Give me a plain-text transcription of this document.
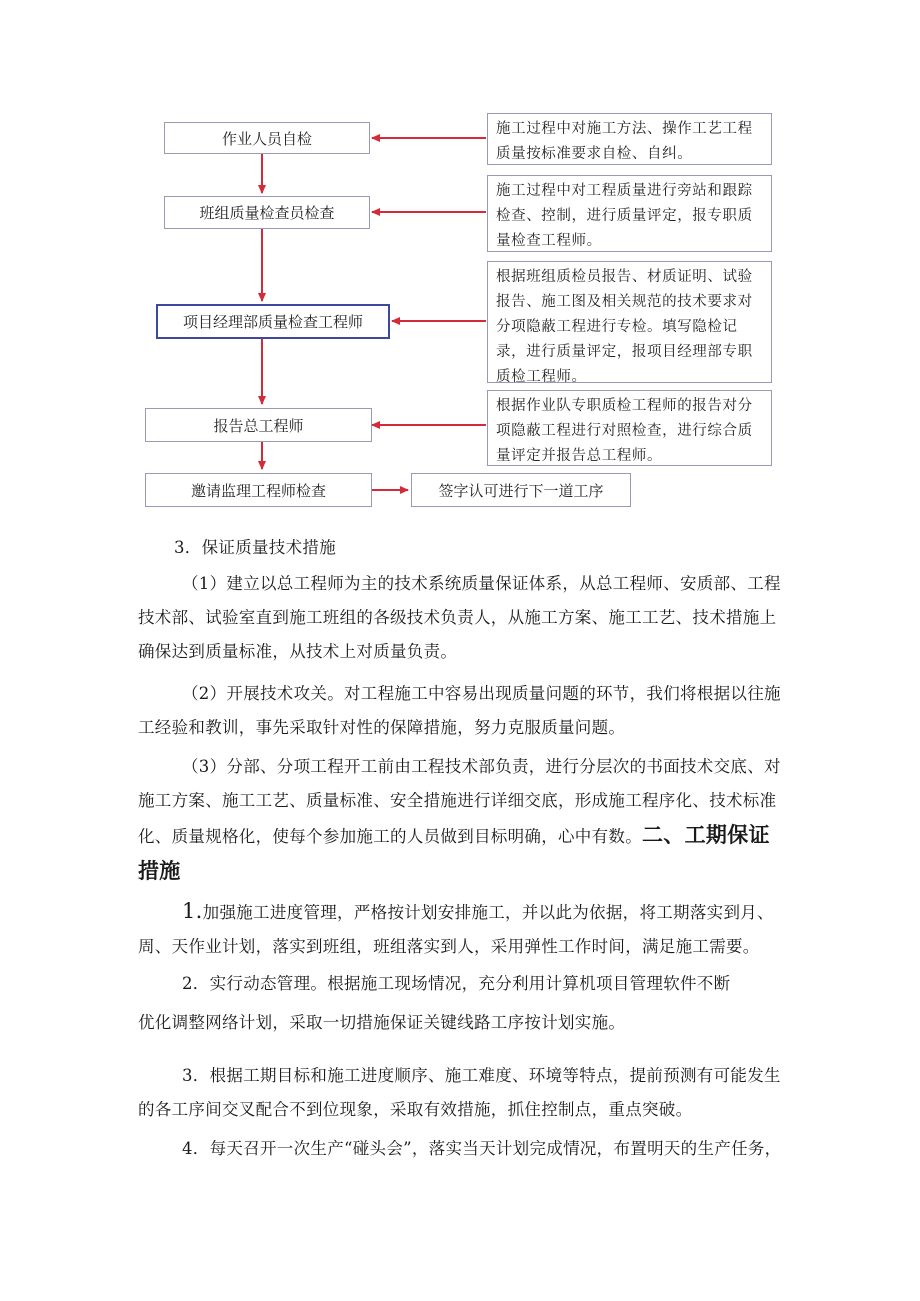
作业人员自检
班组质量检查员检查
项目经理部质量检查工程师
报告总工程师
邀请监理工程师检查	签字认可进行下一道工序
施工过程中对施工方法、操作工艺工程质量按标准要求自检、自纠。
施工过程中对工程质量进行旁站和跟踪检查、控制，进行质量评定，报专职质量检查工程师。
根据班组质检员报告、材质证明、试验报告、施工图及相关规范的技术要求对分项隐蔽工程进行专检。填写隐检记录，进行质量评定，报项目经理部专职质检工程师。
根据作业队专职质检工程师的报告对分项隐蔽工程进行对照检查，进行综合质量评定并报告总工程师。

3．保证质量技术措施

（1）建立以总工程师为主的技术系统质量保证体系，从总工程师、安质部、工程技术部、试验室直到施工班组的各级技术负责人，从施工方案、施工工艺、技术措施上确保达到质量标准，从技术上对质量负责。

（2）开展技术攻关。对工程施工中容易出现质量问题的环节，我们将根据以往施工经验和教训，事先采取针对性的保障措施，努力克服质量问题。

（3）分部、分项工程开工前由工程技术部负责，进行分层次的书面技术交底、对施工方案、施工工艺、质量标准、安全措施进行详细交底，形成施工程序化、技术标准化、质量规格化，使每个参加施工的人员做到目标明确，心中有数。二、工期保证措施

1.加强施工进度管理，严格按计划安排施工，并以此为依据，将工期落实到月、周、天作业计划，落实到班组，班组落实到人，采用弹性工作时间，满足施工需要。

2．实行动态管理。根据施工现场情况，充分利用计算机项目管理软件不断

优化调整网络计划，采取一切措施保证关键线路工序按计划实施。

3．根据工期目标和施工进度顺序、施工难度、环境等特点，提前预测有可能发生的各工序间交叉配合不到位现象，采取有效措施，抓住控制点，重点突破。

4．每天召开一次生产“碰头会”，落实当天计划完成情况，布置明天的生产任务，
